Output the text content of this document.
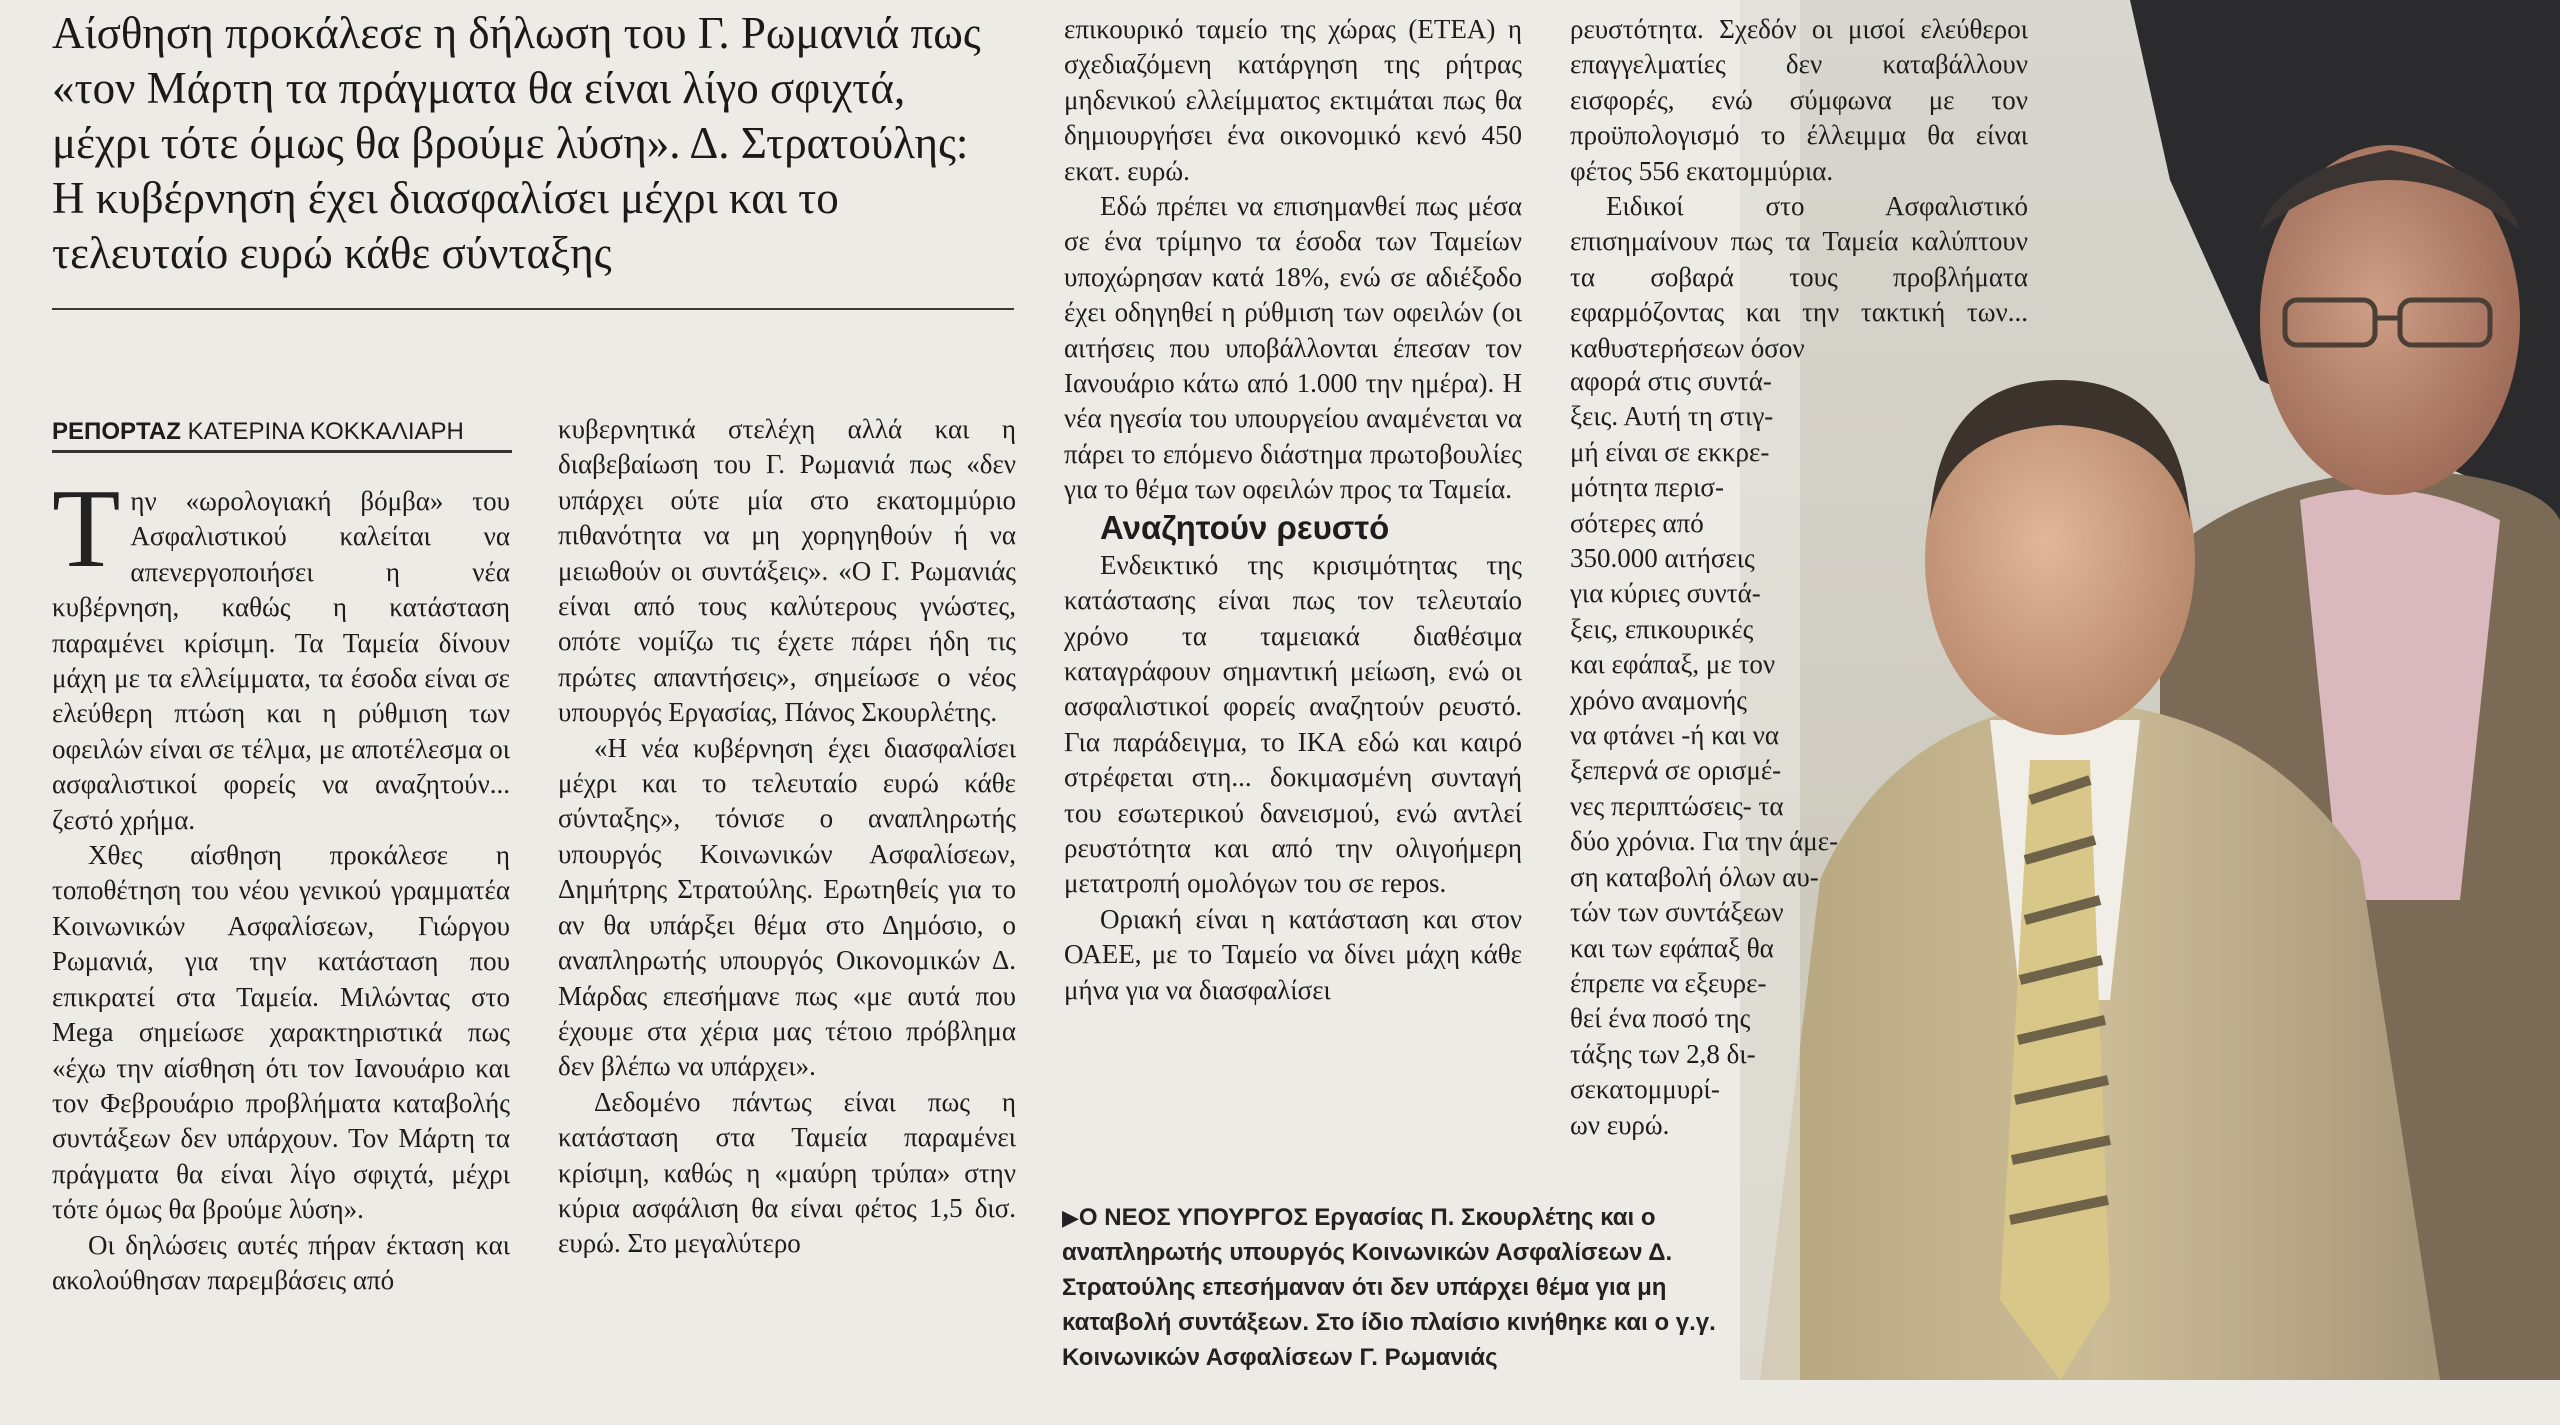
Αίσθηση προκάλεσε η δήλωση του Γ. Ρωμανιά πως «τον Μάρτη τα πράγματα θα είναι λίγο σφιχτά, μέχρι τότε όμως θα βρούμε λύση». Δ. Στρατούλης: Η κυβέρνηση έχει διασφαλίσει μέχρι και το τελευταίο ευρώ κάθε σύνταξης
ΡΕΠΟΡΤΑΖ ΚΑΤΕΡΙΝΑ ΚΟΚΚΑΛΙΑΡΗ

Την «ωρολογιακή βόμβα» του Ασφαλιστικού καλείται να απενεργοποιήσει η νέα κυβέρνηση, καθώς η κατάσταση παραμένει κρίσιμη. Τα Ταμεία δίνουν μάχη με τα ελλείμματα, τα έσοδα είναι σε ελεύθερη πτώση και η ρύθμιση των οφειλών είναι σε τέλμα, με αποτέλεσμα οι ασφαλιστικοί φορείς να αναζητούν... ζεστό χρήμα.

Χθες αίσθηση προκάλεσε η τοποθέτηση του νέου γενικού γραμματέα Κοινωνικών Ασφαλίσεων, Γιώργου Ρωμανιά, για την κατάσταση που επικρατεί στα Ταμεία. Μιλώντας στο Mega σημείωσε χαρακτηριστικά πως «έχω την αίσθηση ότι τον Ιανουάριο και τον Φεβρουάριο προβλήματα καταβολής συντάξεων δεν υπάρχουν. Τον Μάρτη τα πράγματα θα είναι λίγο σφιχτά, μέχρι τότε όμως θα βρούμε λύση».

Οι δηλώσεις αυτές πήραν έκταση και ακολούθησαν παρεμβάσεις από

κυβερνητικά στελέχη αλλά και η διαβεβαίωση του Γ. Ρωμανιά πως «δεν υπάρχει ούτε μία στο εκατομμύριο πιθανότητα να μη χορηγηθούν ή να μειωθούν οι συντάξεις». «Ο Γ. Ρωμανιάς είναι από τους καλύτερους γνώστες, οπότε νομίζω τις έχετε πάρει ήδη τις πρώτες απαντήσεις», σημείωσε ο νέος υπουργός Εργασίας, Πάνος Σκουρλέτης.

«Η νέα κυβέρνηση έχει διασφαλίσει μέχρι και το τελευταίο ευρώ κάθε σύνταξης», τόνισε ο αναπληρωτής υπουργός Κοινωνικών Ασφαλίσεων, Δημήτρης Στρατούλης. Ερωτηθείς για το αν θα υπάρξει θέμα στο Δημόσιο, ο αναπληρωτής υπουργός Οικονομικών Δ. Μάρδας επεσήμανε πως «με αυτά που έχουμε στα χέρια μας τέτοιο πρόβλημα δεν βλέπω να υπάρχει».

Δεδομένο πάντως είναι πως η κατάσταση στα Ταμεία παραμένει κρίσιμη, καθώς η «μαύρη τρύπα» στην κύρια ασφάλιση θα είναι φέτος 1,5 δισ. ευρώ. Στο μεγαλύτερο

επικουρικό ταμείο της χώρας (ΕΤΕΑ) η σχεδιαζόμενη κατάργηση της ρήτρας μηδενικού ελλείμματος εκτιμάται πως θα δημιουργήσει ένα οικονομικό κενό 450 εκατ. ευρώ.

Εδώ πρέπει να επισημανθεί πως μέσα σε ένα τρίμηνο τα έσοδα των Ταμείων υποχώρησαν κατά 18%, ενώ σε αδιέξοδο έχει οδηγηθεί η ρύθμιση των οφειλών (οι αιτήσεις που υποβάλλονται έπεσαν τον Ιανουάριο κάτω από 1.000 την ημέρα). Η νέα ηγεσία του υπουργείου αναμένεται να πάρει το επόμενο διάστημα πρωτοβουλίες για το θέμα των οφειλών προς τα Ταμεία.

Αναζητούν ρευστό

Ενδεικτικό της κρισιμότητας της κατάστασης είναι πως τον τελευταίο χρόνο τα ταμειακά διαθέσιμα καταγράφουν σημαντική μείωση, ενώ οι ασφαλιστικοί φορείς αναζητούν ρευστό. Για παράδειγμα, το ΙΚΑ εδώ και καιρό στρέφεται στη... δοκιμασμένη συνταγή του εσωτερικού δανεισμού, ενώ αντλεί ρευστότητα και από την ολιγοήμερη μετατροπή ομολόγων του σε repos.

Οριακή είναι η κατάσταση και στον ΟΑΕΕ, με το Ταμείο να δίνει μάχη κάθε μήνα για να διασφαλίσει

ρευστότητα. Σχεδόν οι μισοί ελεύθεροι επαγγελματίες δεν καταβάλλουν εισφορές, ενώ σύμφωνα με τον προϋπολογισμό το έλλειμμα θα είναι φέτος 556 εκατομμύρια.

Ειδικοί στο Ασφαλιστικό επισημαίνουν πως τα Ταμεία καλύπτουν τα σοβαρά τους προβλήματα εφαρμόζοντας και την τακτική των... καθυστερήσεων όσον

αφορά στις συντά-
ξεις. Αυτή τη στιγ-
μή είναι σε εκκρε-
μότητα περισ-
σότερες από
350.000 αιτήσεις
για κύριες συντά-
ξεις, επικουρικές
και εφάπαξ, με τον
χρόνο αναμονής
να φτάνει -ή και να
ξεπερνά σε ορισμέ-
νες περιπτώσεις- τα
δύο χρόνια. Για την άμε-
ση καταβολή όλων αυ-
τών των συντάξεων
και των εφάπαξ θα
έπρεπε να εξευρε-
θεί ένα ποσό της
τάξης των 2,8 δι-
σεκατομμυρί-
ων ευρώ.
▶Ο ΝΕΟΣ ΥΠΟΥΡΓΟΣ Εργασίας Π. Σκουρλέτης και ο αναπληρωτής υπουργός Κοινωνικών Ασφαλίσεων Δ. Στρατούλης επεσήμαναν ότι δεν υπάρχει θέμα για μη καταβολή συντάξεων. Στο ίδιο πλαίσιο κινήθηκε και ο γ.γ. Κοινωνικών Ασφαλίσεων Γ. Ρωμανιάς
